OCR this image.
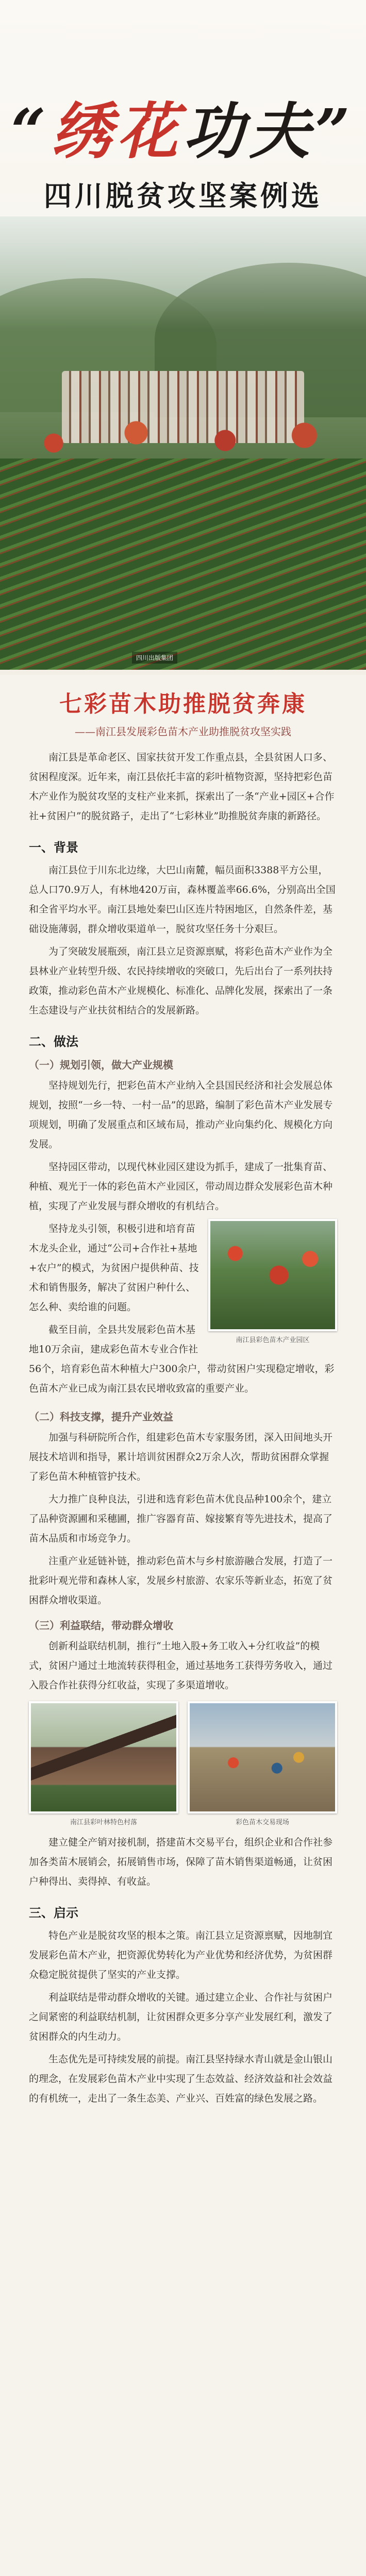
“绣花功夫”
四川脱贫攻坚案例选
四川出版集团
七彩苗木助推脱贫奔康
——南江县发展彩色苗木产业助推脱贫攻坚实践

南江县是革命老区、国家扶贫开发工作重点县，全县贫困人口多、贫困程度深。近年来，南江县依托丰富的彩叶植物资源，坚持把彩色苗木产业作为脱贫攻坚的支柱产业来抓，探索出了一条“产业+园区+合作社+贫困户”的脱贫路子，走出了“七彩林业”助推脱贫奔康的新路径。

一、背景

南江县位于川东北边缘，大巴山南麓，幅员面积3388平方公里，总人口70.9万人，有林地420万亩，森林覆盖率66.6%，分别高出全国和全省平均水平。南江县地处秦巴山区连片特困地区，自然条件差，基础设施薄弱，群众增收渠道单一，脱贫攻坚任务十分艰巨。

为了突破发展瓶颈，南江县立足资源禀赋，将彩色苗木产业作为全县林业产业转型升级、农民持续增收的突破口，先后出台了一系列扶持政策，推动彩色苗木产业规模化、标准化、品牌化发展，探索出了一条生态建设与产业扶贫相结合的发展新路。

二、做法
（一）规划引领，做大产业规模

坚持规划先行，把彩色苗木产业纳入全县国民经济和社会发展总体规划，按照“一乡一特、一村一品”的思路，编制了彩色苗木产业发展专项规划，明确了发展重点和区域布局，推动产业向集约化、规模化方向发展。

坚持园区带动，以现代林业园区建设为抓手，建成了一批集育苗、种植、观光于一体的彩色苗木产业园区，带动周边群众发展彩色苗木种植，实现了产业发展与群众增收的有机结合。

南江县彩色苗木产业园区

坚持龙头引领，积极引进和培育苗木龙头企业，通过“公司+合作社+基地+农户”的模式，为贫困户提供种苗、技术和销售服务，解决了贫困户种什么、怎么种、卖给谁的问题。

截至目前，全县共发展彩色苗木基地10万余亩，建成彩色苗木专业合作社56个，培育彩色苗木种植大户300余户，带动贫困户实现稳定增收，彩色苗木产业已成为南江县农民增收致富的重要产业。

（二）科技支撑，提升产业效益

加强与科研院所合作，组建彩色苗木专家服务团，深入田间地头开展技术培训和指导，累计培训贫困群众2万余人次，帮助贫困群众掌握了彩色苗木种植管护技术。

大力推广良种良法，引进和选育彩色苗木优良品种100余个，建立了品种资源圃和采穗圃，推广容器育苗、嫁接繁育等先进技术，提高了苗木品质和市场竞争力。

注重产业延链补链，推动彩色苗木与乡村旅游融合发展，打造了一批彩叶观光带和森林人家，发展乡村旅游、农家乐等新业态，拓宽了贫困群众增收渠道。

（三）利益联结，带动群众增收

创新利益联结机制，推行“土地入股+务工收入+分红收益”的模式，贫困户通过土地流转获得租金，通过基地务工获得劳务收入，通过入股合作社获得分红收益，实现了多渠道增收。

南江县彩叶林特色村落	彩色苗木交易现场

建立健全产销对接机制，搭建苗木交易平台，组织企业和合作社参加各类苗木展销会，拓展销售市场，保障了苗木销售渠道畅通，让贫困户种得出、卖得掉、有收益。

三、启示

特色产业是脱贫攻坚的根本之策。南江县立足资源禀赋，因地制宜发展彩色苗木产业，把资源优势转化为产业优势和经济优势，为贫困群众稳定脱贫提供了坚实的产业支撑。

利益联结是带动群众增收的关键。通过建立企业、合作社与贫困户之间紧密的利益联结机制，让贫困群众更多分享产业发展红利，激发了贫困群众的内生动力。

生态优先是可持续发展的前提。南江县坚持绿水青山就是金山银山的理念，在发展彩色苗木产业中实现了生态效益、经济效益和社会效益的有机统一，走出了一条生态美、产业兴、百姓富的绿色发展之路。
